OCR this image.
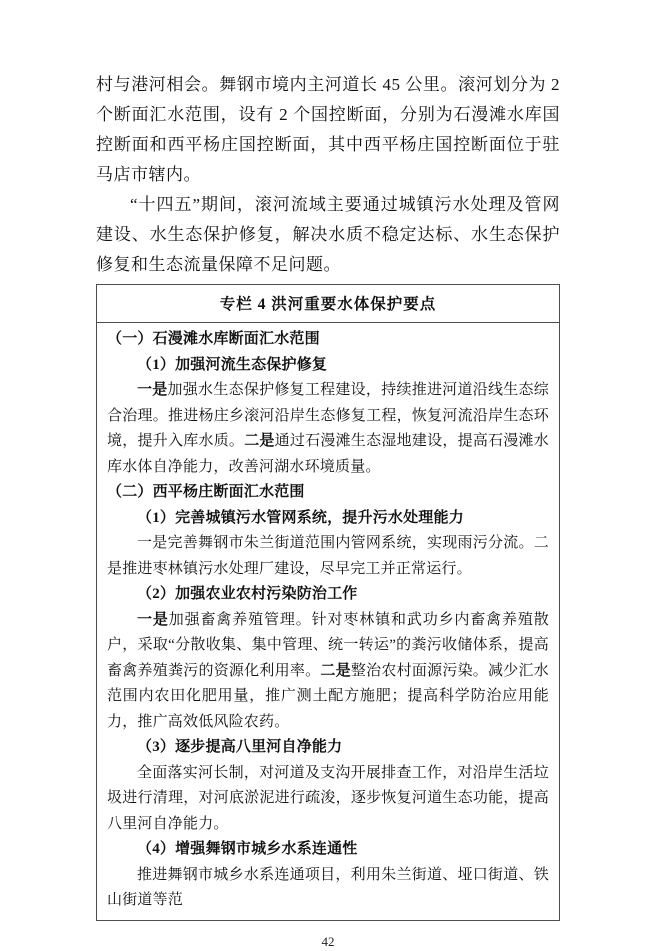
村与港河相会。舞钢市境内主河道长 45 公里。滚河划分为 2 个断面汇水范围，设有 2 个国控断面，分别为石漫滩水库国控断面和西平杨庄国控断面，其中西平杨庄国控断面位于驻马店市辖内。

“十四五”期间，滚河流域主要通过城镇污水处理及管网建设、水生态保护修复，解决水质不稳定达标、水生态保护修复和生态流量保障不足问题。

专栏 4 洪河重要水体保护要点

（一）石漫滩水库断面汇水范围

（1）加强河流生态保护修复

一是加强水生态保护修复工程建设，持续推进河道沿线生态综合治理。推进杨庄乡滚河沿岸生态修复工程，恢复河流沿岸生态环境，提升入库水质。二是通过石漫滩生态湿地建设，提高石漫滩水库水体自净能力，改善河湖水环境质量。

（二）西平杨庄断面汇水范围

（1）完善城镇污水管网系统，提升污水处理能力

一是完善舞钢市朱兰街道范围内管网系统，实现雨污分流。二是推进枣林镇污水处理厂建设，尽早完工并正常运行。

（2）加强农业农村污染防治工作

一是加强畜禽养殖管理。针对枣林镇和武功乡内畜禽养殖散户，采取“分散收集、集中管理、统一转运”的粪污收储体系，提高畜禽养殖粪污的资源化利用率。二是整治农村面源污染。减少汇水范围内农田化肥用量，推广测土配方施肥；提高科学防治应用能力，推广高效低风险农药。

（3）逐步提高八里河自净能力

全面落实河长制，对河道及支沟开展排查工作，对沿岸生活垃圾进行清理，对河底淤泥进行疏浚，逐步恢复河道生态功能，提高八里河自净能力。

（4）增强舞钢市城乡水系连通性

推进舞钢市城乡水系连通项目，利用朱兰街道、垭口街道、铁山街道等范

42
